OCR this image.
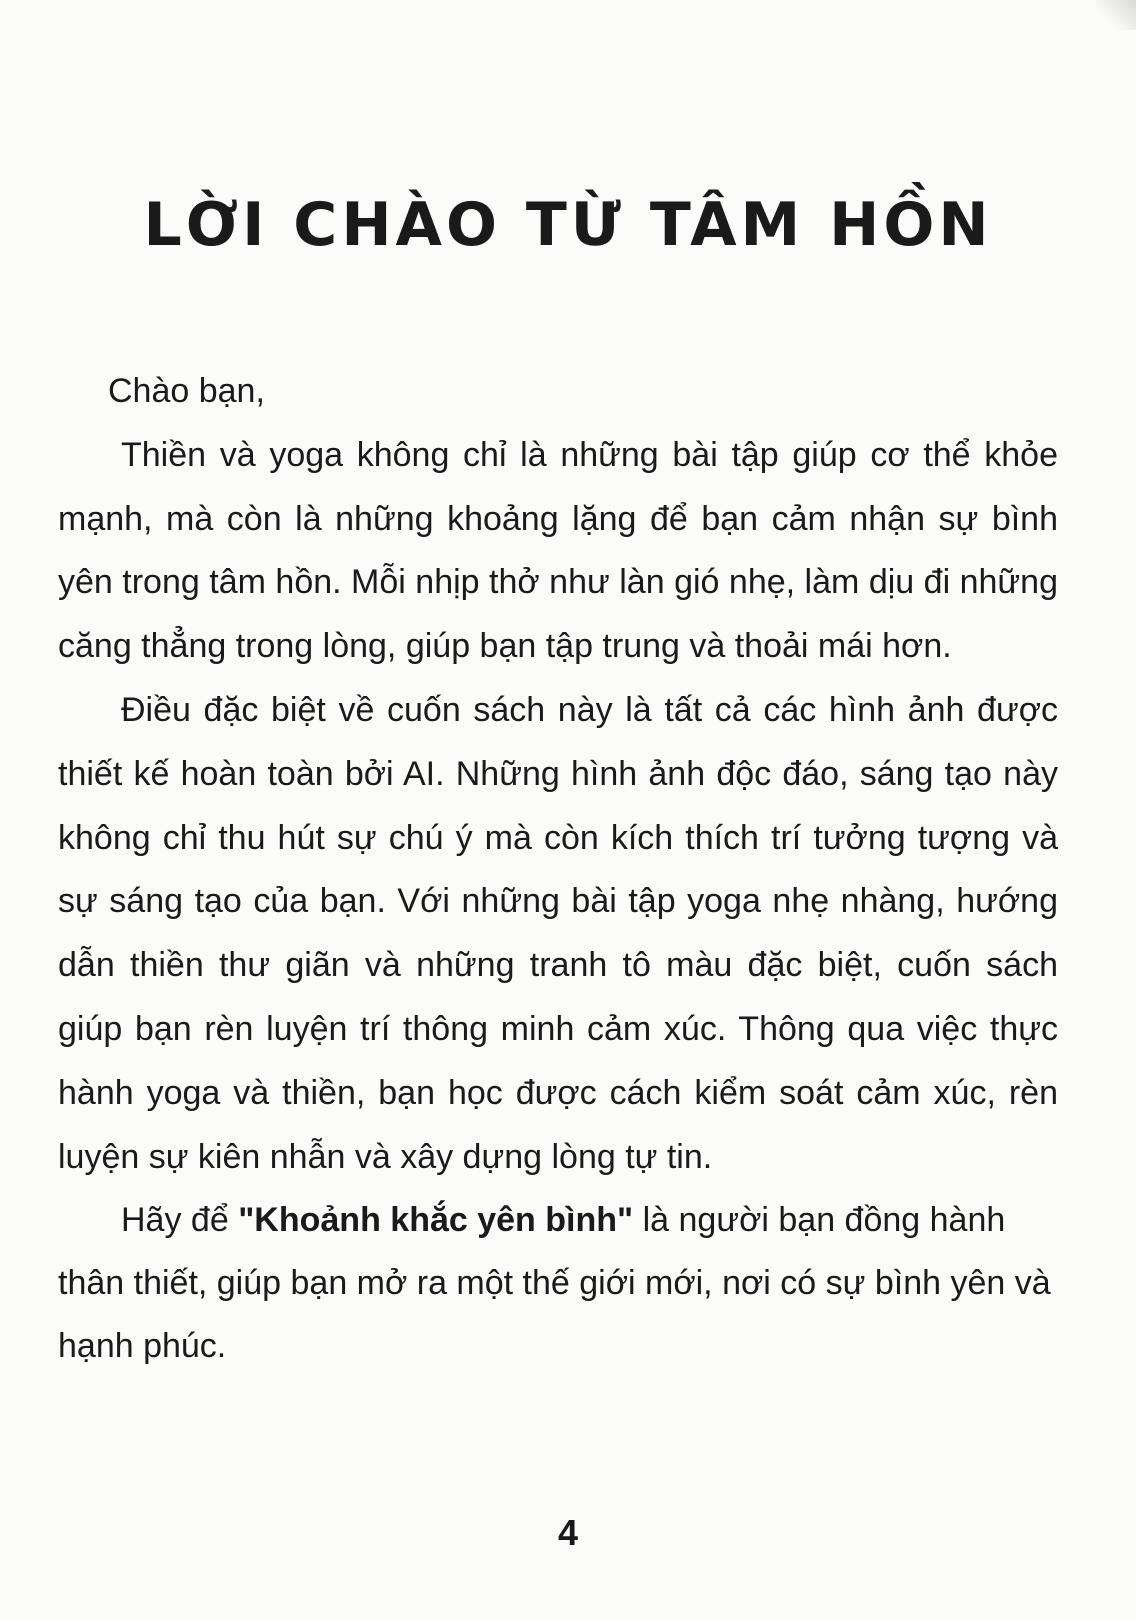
LỜI CHÀO TỪ TÂM HỒN

Chào bạn,

Thiền và yoga không chỉ là những bài tập giúp cơ thể khỏe mạnh, mà còn là những khoảng lặng để bạn cảm nhận sự bình yên trong tâm hồn. Mỗi nhịp thở như làn gió nhẹ, làm dịu đi những căng thẳng trong lòng, giúp bạn tập trung và thoải mái hơn.

Điều đặc biệt về cuốn sách này là tất cả các hình ảnh được thiết kế hoàn toàn bởi AI. Những hình ảnh độc đáo, sáng tạo này không chỉ thu hút sự chú ý mà còn kích thích trí tưởng tượng và sự sáng tạo của bạn. Với những bài tập yoga nhẹ nhàng, hướng dẫn thiền thư giãn và những tranh tô màu đặc biệt, cuốn sách giúp bạn rèn luyện trí thông minh cảm xúc. Thông qua việc thực hành yoga và thiền, bạn học được cách kiểm soát cảm xúc, rèn luyện sự kiên nhẫn và xây dựng lòng tự tin.

Hãy để "Khoảnh khắc yên bình" là người bạn đồng hành thân thiết, giúp bạn mở ra một thế giới mới, nơi có sự bình yên và hạnh phúc.

4
